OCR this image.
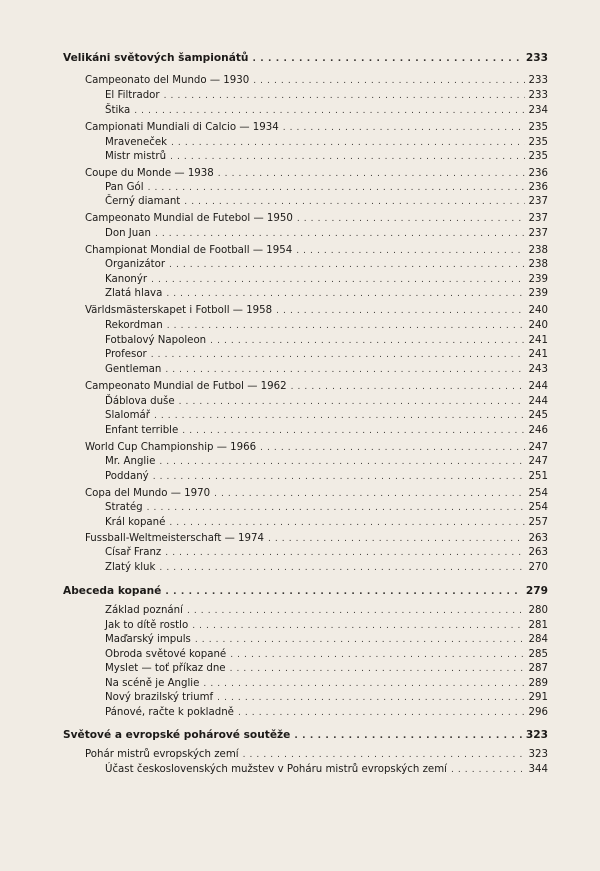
Velikáni světových šampionátů . . .	233
Campeonato del Mundo — 1930 . . .	233
El Filtrador . . .	233
Štika . . .	234
Campionati Mundiali di Calcio — 1934 . . .	235
Mraveneček . . .	235
Mistr mistrů . . .	235
Coupe du Monde — 1938 . . .	236
Pan Gól . . .	236
Černý diamant . . .	237
Campeonato Mundial de Futebol — 1950 . . .	237
Don Juan . . .	237
Championat Mondial de Football — 1954 . . .	238
Organizátor . . .	238
Kanonýr . . .	239
Zlatá hlava . . .	239
Världsmästerskapet i Fotboll — 1958 . . .	240
Rekordman . . .	240
Fotbalový Napoleon . . .	241
Profesor . . .	241
Gentleman . . .	243
Campeonato Mundial de Futbol — 1962 . . .	244
Ďáblova duše . . .	244
Slalomář . . .	245
Enfant terrible . . .	246
World Cup Championship — 1966 . . .	247
Mr. Anglie . . .	247
Poddaný . . .	251
Copa del Mundo — 1970 . . .	254
Stratég . . .	254
Král kopané . . .	257
Fussball-Weltmeisterschaft — 1974 . . .	263
Císař Franz . . .	263
Zlatý kluk . . .	270
Abeceda kopané . . .	279
Základ poznání . . .	280
Jak to dítě rostlo . . .	281
Maďarský impuls . . .	284
Obroda světové kopané . . .	285
Myslet — toť příkaz dne . . .	287
Na scéně je Anglie . . .	289
Nový brazilský triumf . . .	291
Pánové, račte k pokladně . . .	296
Světové a evropské pohárové soutěže . . .	323
Pohár mistrů evropských zemí . . .	323
Účast československých mužstev v Poháru mistrů evropských zemí . . .	344
